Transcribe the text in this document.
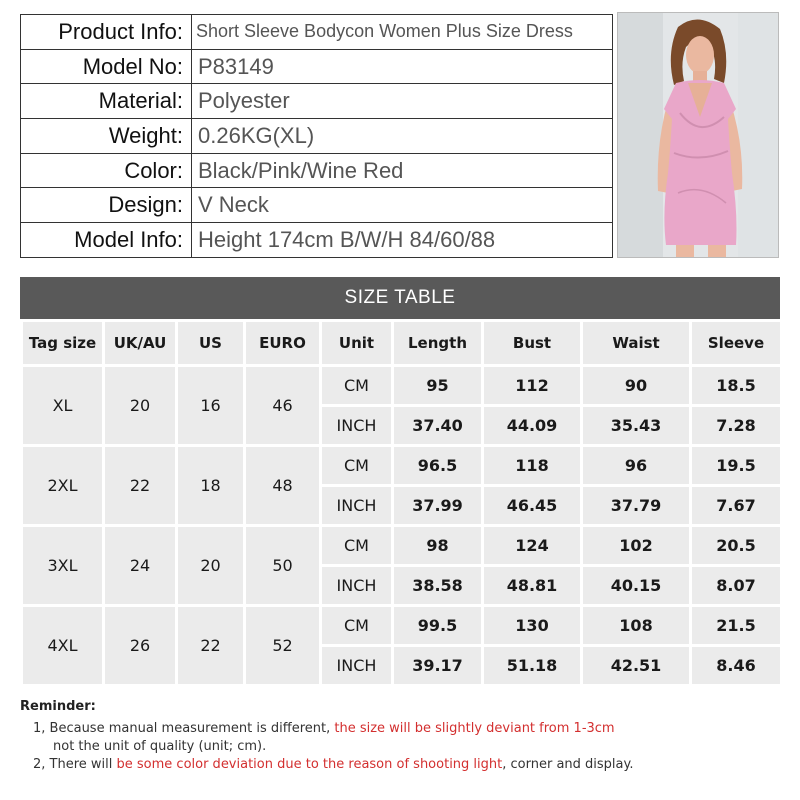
Product Info:	Short Sleeve Bodycon Women Plus Size Dress
Model No:	P83149
Material:	Polyester
Weight:	0.26KG(XL)
Color:	Black/Pink/Wine Red
Design:	V Neck
Model Info:	Height 174cm B/W/H 84/60/88
SIZE TABLE
Tag size	UK/AU	US	EURO	Unit	Length	Bust	Waist	Sleeve
XL	20	16	46	CM	95	112	90	18.5
				INCH	37.40	44.09	35.43	7.28
2XL	22	18	48	CM	96.5	118	96	19.5
				INCH	37.99	46.45	37.79	7.67
3XL	24	20	50	CM	98	124	102	20.5
				INCH	38.58	48.81	40.15	8.07
4XL	26	22	52	CM	99.5	130	108	21.5
				INCH	39.17	51.18	42.51	8.46
Reminder:
1, Because manual measurement is different, the size will be slightly deviant from 1-3cm
not the unit of quality (unit; cm).
2, There will be some color deviation due to the reason of shooting light, corner and display.
